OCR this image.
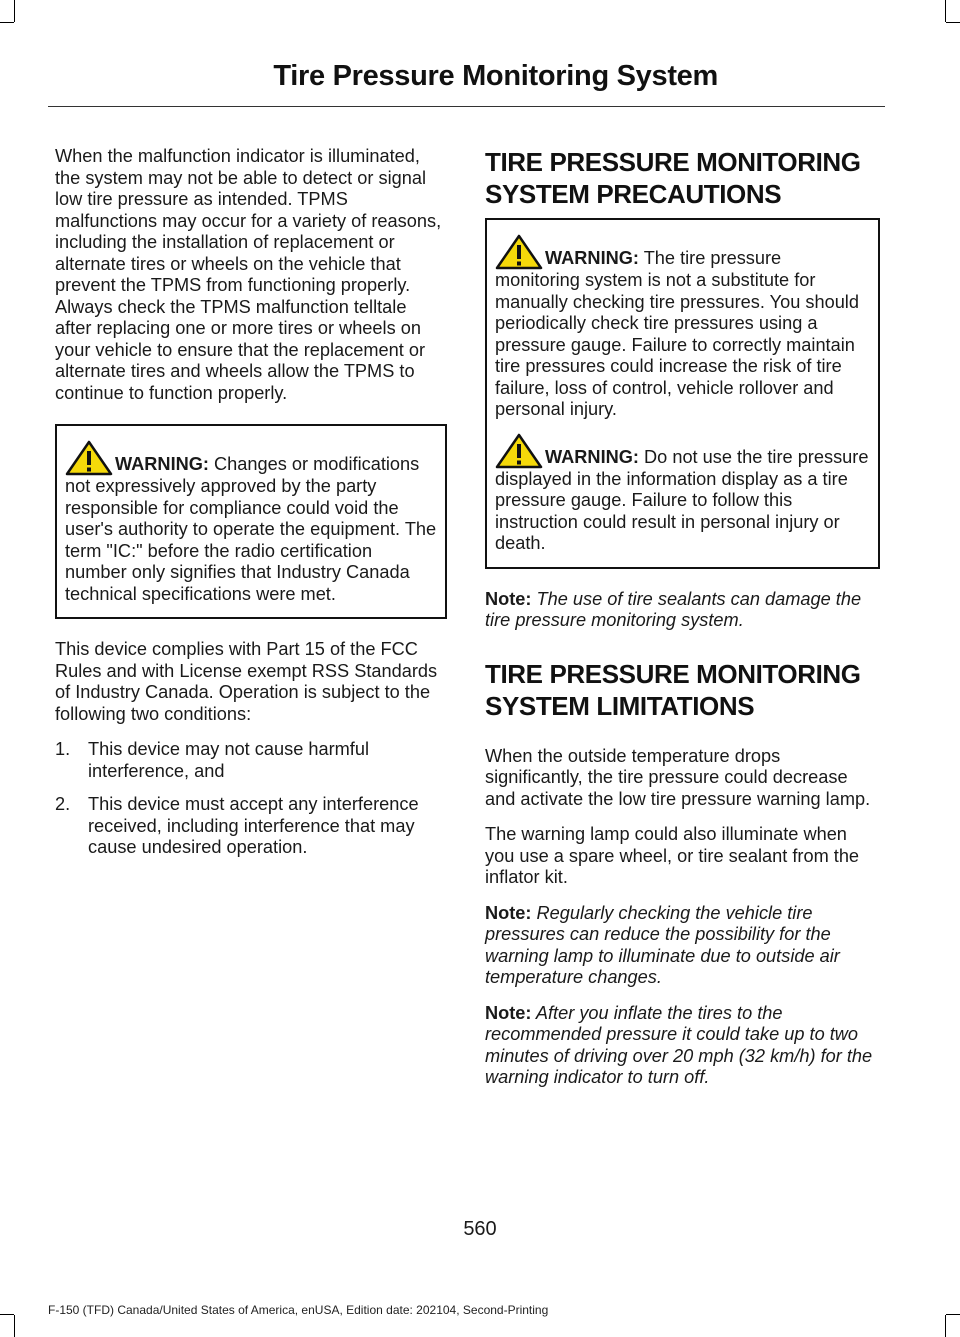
Tire Pressure Monitoring System

When the malfunction indicator is illuminated, the system may not be able to detect or signal low tire pressure as intended. TPMS malfunctions may occur for a variety of reasons, including the installation of replacement or alternate tires or wheels on the vehicle that prevent the TPMS from functioning properly. Always check the TPMS malfunction telltale after replacing one or more tires or wheels on your vehicle to ensure that the replacement or alternate tires and wheels allow the TPMS to continue to function properly.

WARNING: Changes or modifications not expressively approved by the party responsible for compliance could void the user's authority to operate the equipment. The term "IC:" before the radio certification number only signifies that Industry Canada technical specifications were met.

This device complies with Part 15 of the FCC Rules and with License exempt RSS Standards of Industry Canada. Operation is subject to the following two conditions:

1. This device may not cause harmful interference, and
2. This device must accept any interference received, including interference that may cause undesired operation.
TIRE PRESSURE MONITORING SYSTEM PRECAUTIONS

WARNING: The tire pressure monitoring system is not a substitute for manually checking tire pressures. You should periodically check tire pressures using a pressure gauge. Failure to correctly maintain tire pressures could increase the risk of tire failure, loss of control, vehicle rollover and personal injury.

WARNING: Do not use the tire pressure displayed in the information display as a tire pressure gauge. Failure to follow this instruction could result in personal injury or death.

Note: The use of tire sealants can damage the tire pressure monitoring system.

TIRE PRESSURE MONITORING SYSTEM LIMITATIONS

When the outside temperature drops significantly, the tire pressure could decrease and activate the low tire pressure warning lamp.

The warning lamp could also illuminate when you use a spare wheel, or tire sealant from the inflator kit.

Note: Regularly checking the vehicle tire pressures can reduce the possibility for the warning lamp to illuminate due to outside air temperature changes.

Note: After you inflate the tires to the recommended pressure it could take up to two minutes of driving over 20 mph (32 km/h) for the warning indicator to turn off.

560
F-150 (TFD) Canada/United States of America, enUSA, Edition date: 202104, Second-Printing
